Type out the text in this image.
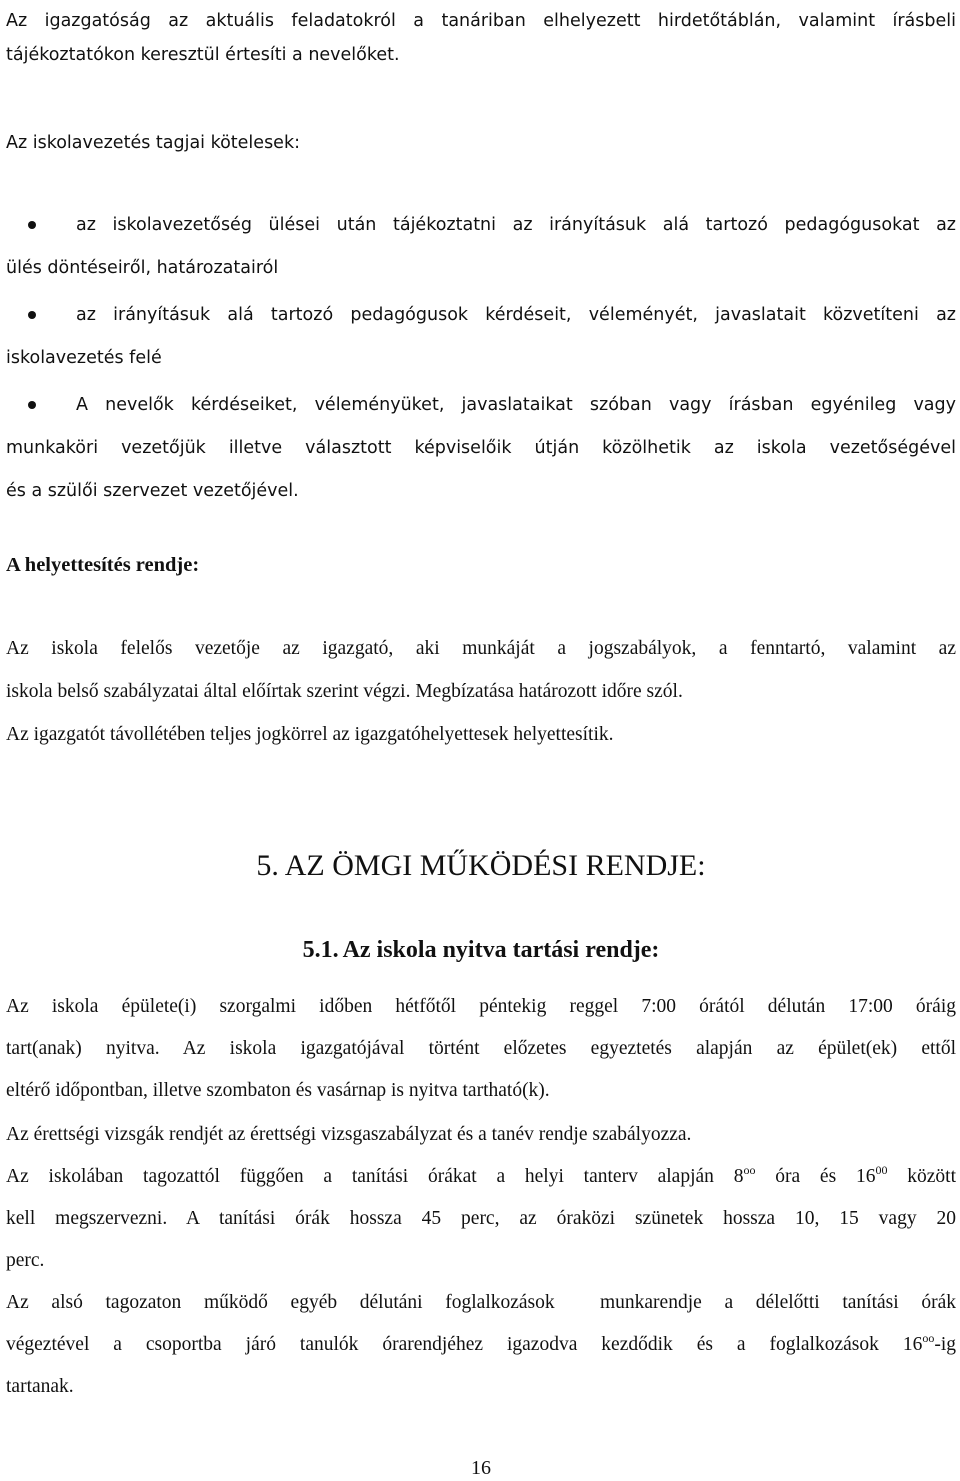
Az igazgatóság az aktuális feladatokról a tanáriban elhelyezett hirdetőtáblán, valamint írásbeli

tájékoztatókon keresztül értesíti a nevelőket.

Az iskolavezetés tagjai kötelesek:

az iskolavezetőség ülései után tájékoztatni az irányításuk alá tartozó pedagógusokat az

ülés döntéseiről, határozatairól

az irányításuk alá tartozó pedagógusok kérdéseit, véleményét, javaslatait közvetíteni az

iskolavezetés felé

A nevelők kérdéseiket, véleményüket, javaslataikat szóban vagy írásban egyénileg vagy

munkaköri vezetőjük illetve választott képviselőik útján közölhetik az iskola vezetőségével

és a szülői szervezet vezetőjével.

A helyettesítés rendje:

Az iskola felelős vezetője az igazgató, aki munkáját a jogszabályok, a fenntartó, valamint az

iskola belső szabályzatai által előírtak szerint végzi. Megbízatása határozott időre szól.

Az igazgatót távollétében teljes jogkörrel az igazgatóhelyettesek helyettesítik.

5. AZ ÖMGI MŰKÖDÉSI RENDJE:
5.1. Az iskola nyitva tartási rendje:

Az iskola épülete(i) szorgalmi időben hétfőtől péntekig reggel 7:00 órától délután 17:00 óráig

tart(anak) nyitva. Az iskola igazgatójával történt előzetes egyeztetés alapján az épület(ek) ettől

eltérő időpontban, illetve szombaton és vasárnap is nyitva tartható(k).

Az érettségi vizsgák rendjét az érettségi vizsgaszabályzat és a tanév rendje szabályozza.

Az iskolában tagozattól függően a tanítási órákat a helyi tanterv alapján $8^{oo}$ óra és $16^{00}$ között

kell megszervezni. A tanítási órák hossza 45 perc, az óraközi szünetek hossza 10, 15 vagy 20

perc.

Az alsó tagozaton működő egyéb délutáni foglalkozások  munkarendje a délelőtti tanítási órák

végeztével a csoportba járó tanulók órarendjéhez igazodva kezdődik és a foglalkozások $16^{oo}-ig$

tartanak.

16
